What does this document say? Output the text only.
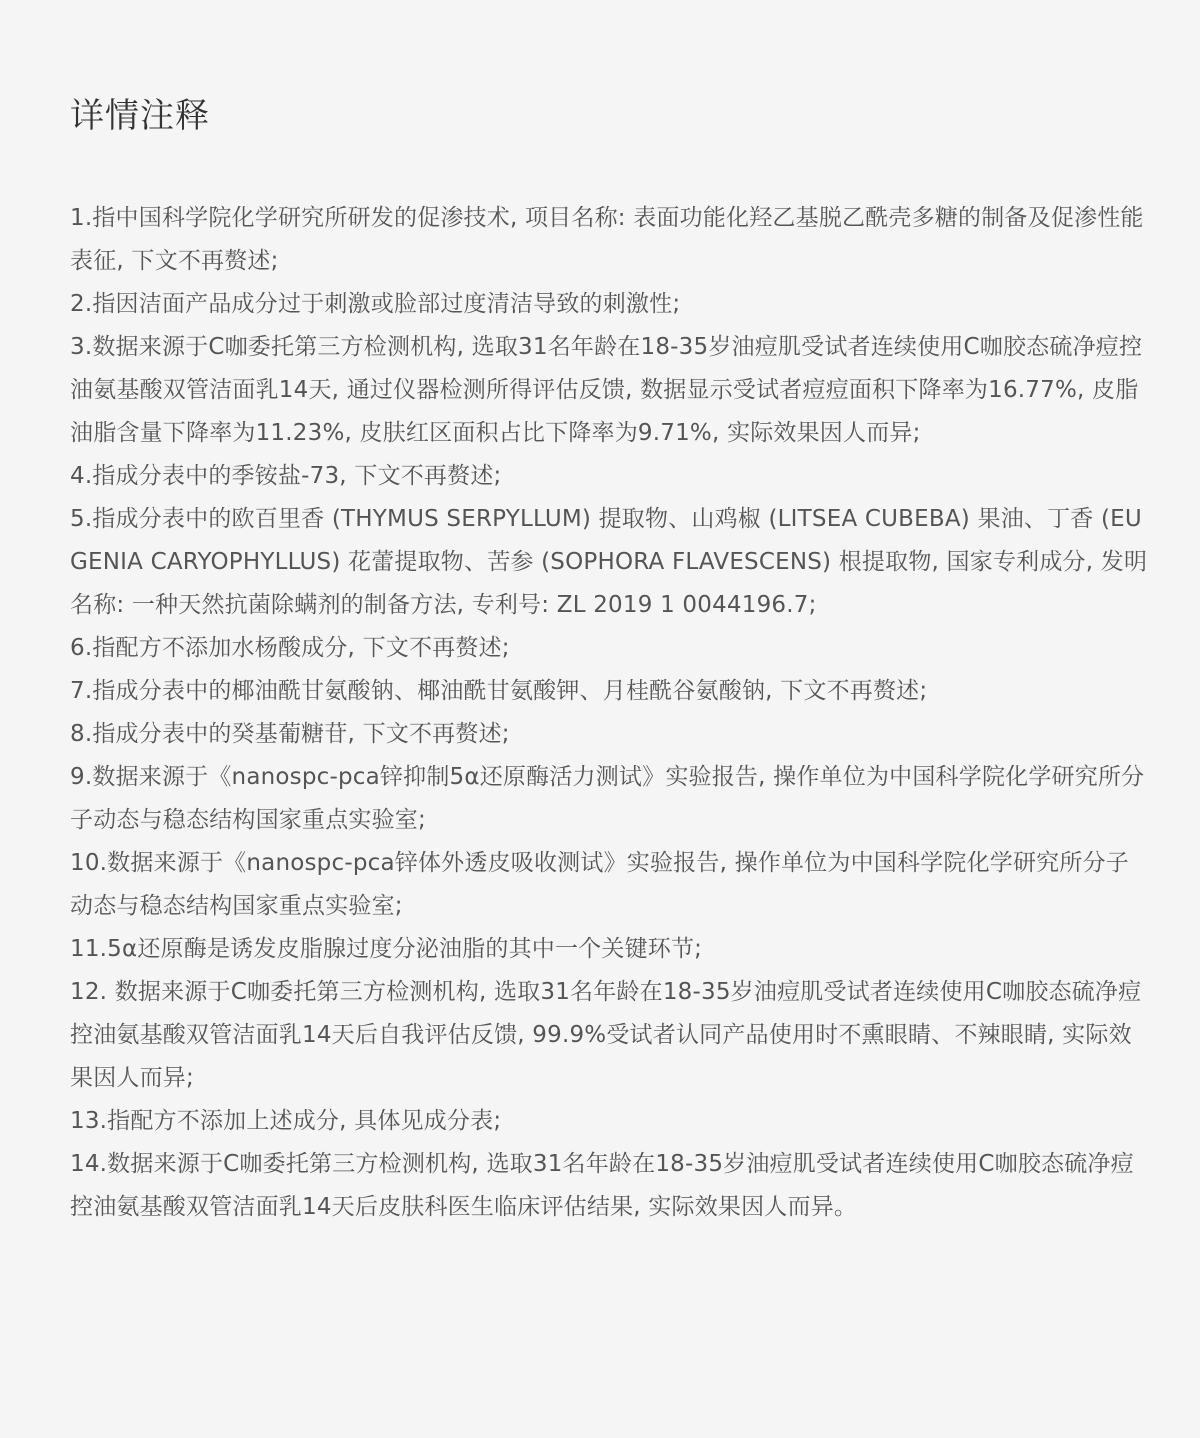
详情注释
1.指中国科学院化学研究所研发的促渗技术, 项目名称: 表面功能化羟乙基脱乙酰壳多糖的制备及促渗性能表征, 下文不再赘述;
2.指因洁面产品成分过于刺激或脸部过度清洁导致的刺激性;
3.数据来源于C咖委托第三方检测机构, 选取31名年龄在18-35岁油痘肌受试者连续使用C咖胶态硫净痘控油氨基酸双管洁面乳14天, 通过仪器检测所得评估反馈, 数据显示受试者痘痘面积下降率为16.77%, 皮脂油脂含量下降率为11.23%, 皮肤红区面积占比下降率为9.71%, 实际效果因人而异;
4.指成分表中的季铵盐-73, 下文不再赘述;
5.指成分表中的欧百里香 (THYMUS SERPYLLUM) 提取物、山鸡椒 (LITSEA CUBEBA) 果油、丁香 (EUGENIA CARYOPHYLLUS) 花蕾提取物、苦参 (SOPHORA FLAVESCENS) 根提取物, 国家专利成分, 发明名称: 一种天然抗菌除螨剂的制备方法, 专利号: ZL 2019 1 0044196.7;
6.指配方不添加水杨酸成分, 下文不再赘述;
7.指成分表中的椰油酰甘氨酸钠、椰油酰甘氨酸钾、月桂酰谷氨酸钠, 下文不再赘述;
8.指成分表中的癸基葡糖苷, 下文不再赘述;
9.数据来源于《nanospc-pca锌抑制5α还原酶活力测试》实验报告, 操作单位为中国科学院化学研究所分子动态与稳态结构国家重点实验室;
10.数据来源于《nanospc-pca锌体外透皮吸收测试》实验报告, 操作单位为中国科学院化学研究所分子动态与稳态结构国家重点实验室;
11.5α还原酶是诱发皮脂腺过度分泌油脂的其中一个关键环节;
12. 数据来源于C咖委托第三方检测机构, 选取31名年龄在18-35岁油痘肌受试者连续使用C咖胶态硫净痘控油氨基酸双管洁面乳14天后自我评估反馈, 99.9%受试者认同产品使用时不熏眼睛、不辣眼睛, 实际效果因人而异;
13.指配方不添加上述成分, 具体见成分表;
14.数据来源于C咖委托第三方检测机构, 选取31名年龄在18-35岁油痘肌受试者连续使用C咖胶态硫净痘控油氨基酸双管洁面乳14天后皮肤科医生临床评估结果, 实际效果因人而异。
